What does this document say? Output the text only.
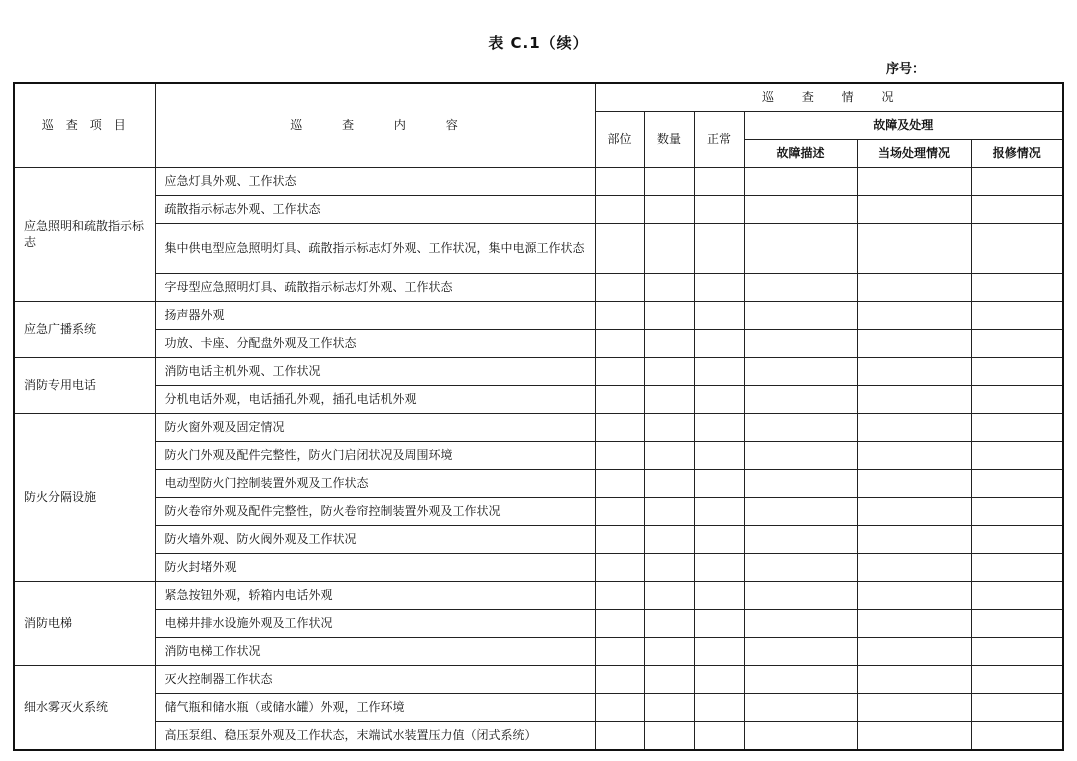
表 C.1（续）
序号：
巡查项目	巡 查 内 容	巡 查 情 况					
		部位	数量	正常	故障及处理		
					故障描述	当场处理情况	报修情况
应急照明和疏散指示标志	应急灯具外观、工作状态						
	疏散指示标志外观、工作状态						
	集中供电型应急照明灯具、疏散指示标志灯外观、工作状况，集中电源工作状态						
	字母型应急照明灯具、疏散指示标志灯外观、工作状态						
应急广播系统	扬声器外观						
	功放、卡座、分配盘外观及工作状态						
消防专用电话	消防电话主机外观、工作状况						
	分机电话外观，电话插孔外观，插孔电话机外观						
防火分隔设施	防火窗外观及固定情况						
	防火门外观及配件完整性，防火门启闭状况及周围环境						
	电动型防火门控制装置外观及工作状态						
	防火卷帘外观及配件完整性，防火卷帘控制装置外观及工作状况						
	防火墙外观、防火阀外观及工作状况						
	防火封堵外观						
消防电梯	紧急按钮外观，轿箱内电话外观						
	电梯井排水设施外观及工作状况						
	消防电梯工作状况						
细水雾灭火系统	灭火控制器工作状态						
	储气瓶和储水瓶（或储水罐）外观，工作环境						
	高压泵组、稳压泵外观及工作状态，末端试水装置压力值（闭式系统）						
